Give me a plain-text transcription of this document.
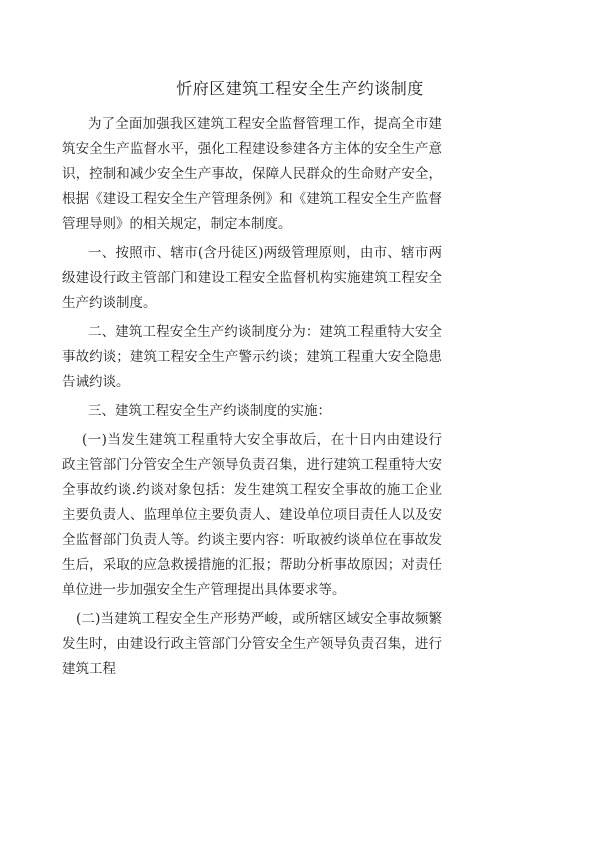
忻府区建筑工程安全生产约谈制度

为了全面加强我区建筑工程安全监督管理工作，提高全市建筑安全生产监督水平，强化工程建设参建各方主体的安全生产意识，控制和减少安全生产事故，保障人民群众的生命财产安全，根据《建设工程安全生产管理条例》和《建筑工程安全生产监督管理导则》的相关规定，制定本制度。

一、按照市、辖市(含丹徒区)两级管理原则，由市、辖市两级建设行政主管部门和建设工程安全监督机构实施建筑工程安全生产约谈制度。

二、建筑工程安全生产约谈制度分为：建筑工程重特大安全事故约谈；建筑工程安全生产警示约谈；建筑工程重大安全隐患告诫约谈。

三、建筑工程安全生产约谈制度的实施：

(一)当发生建筑工程重特大安全事故后，在十日内由建设行政主管部门分管安全生产领导负责召集，进行建筑工程重特大安全事故约谈.约谈对象包括：发生建筑工程安全事故的施工企业主要负责人、监理单位主要负责人、建设单位项目责任人以及安全监督部门负责人等。约谈主要内容：听取被约谈单位在事故发生后，采取的应急救援措施的汇报；帮助分析事故原因；对责任单位进一步加强安全生产管理提出具体要求等。

(二)当建筑工程安全生产形势严峻，或所辖区域安全事故频繁发生时，由建设行政主管部门分管安全生产领导负责召集，进行建筑工程
